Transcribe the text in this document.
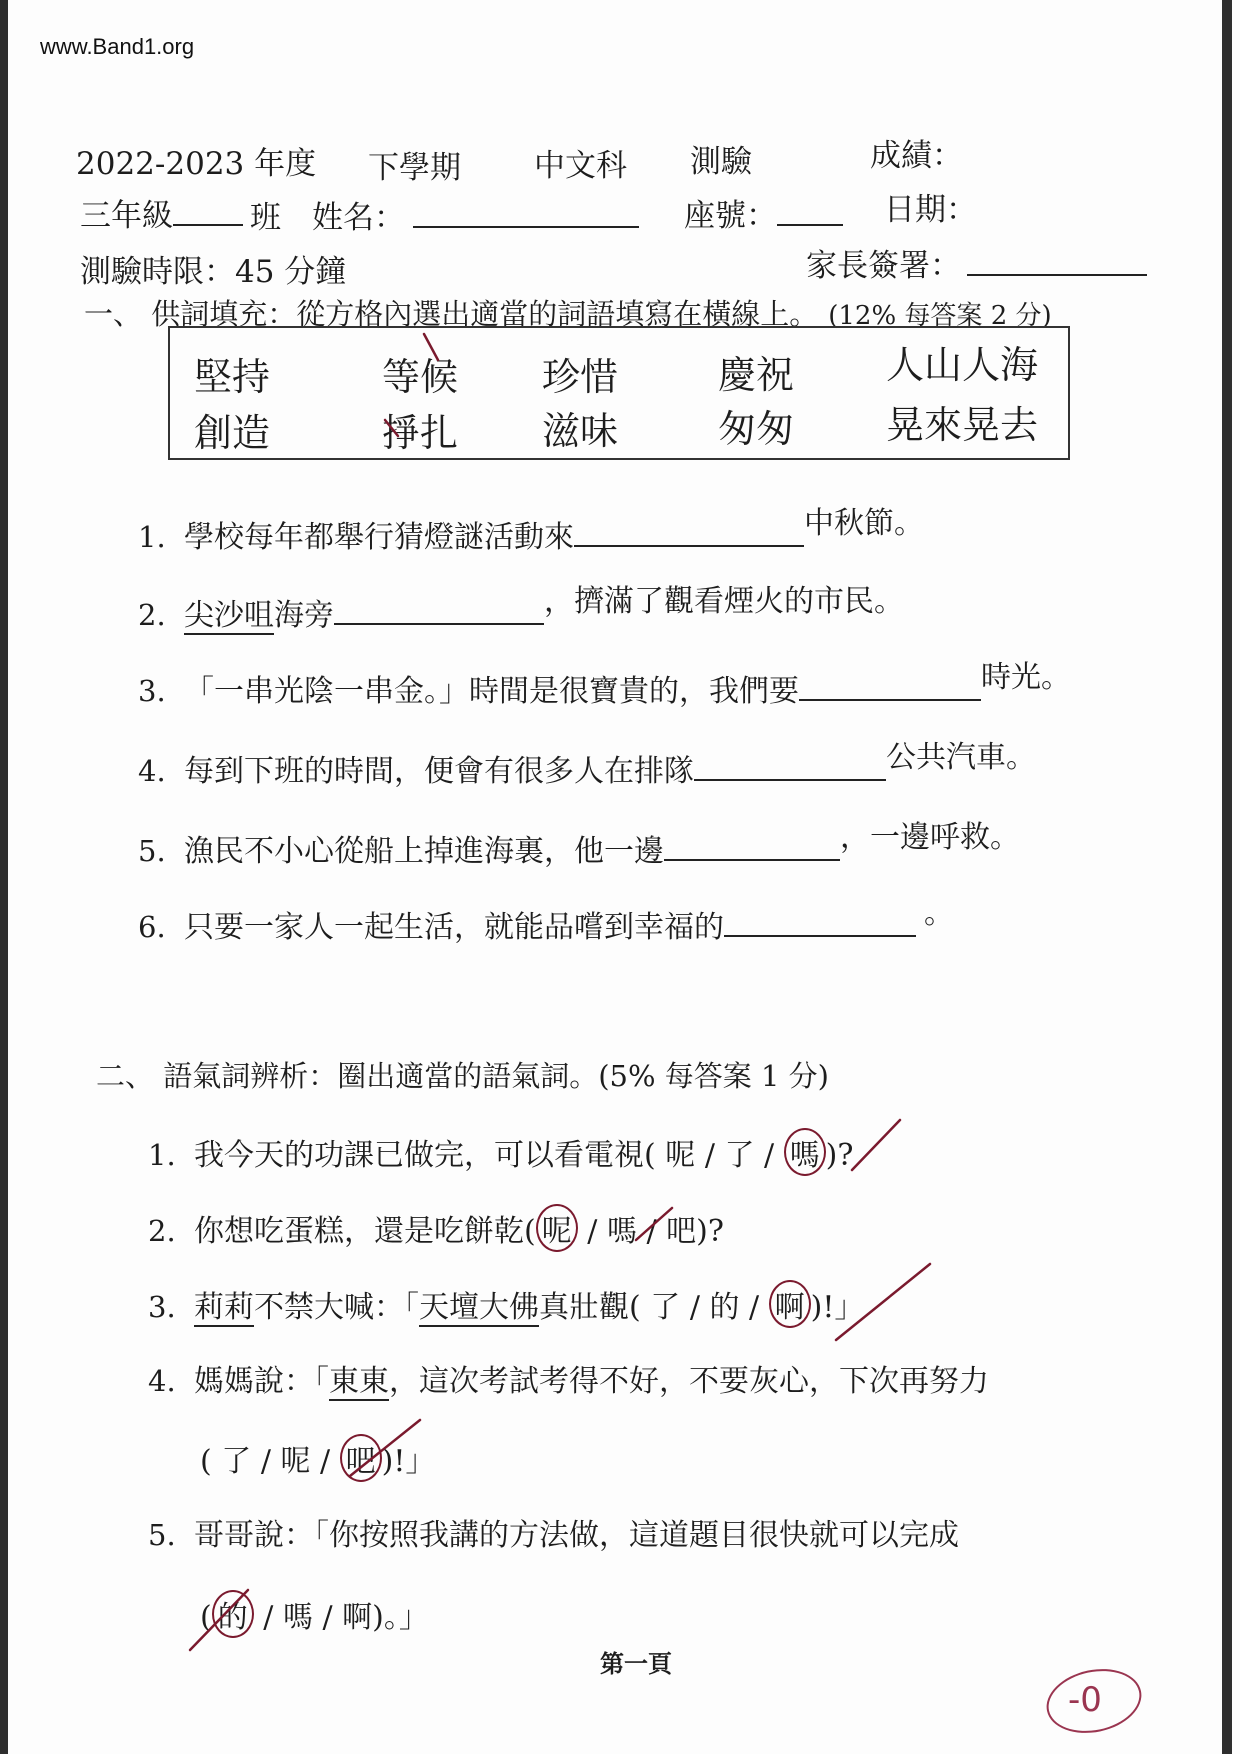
www.Band1.org
2022-2023 年度 下學期 中文科 測驗	成績：
三年級	班 姓名：	座號：	日期：
測驗時限：45 分鐘	家長簽署：
一、 供詞填充：從方格內選出適當的詞語填寫在橫線上。 (12% 每答案 2 分)
堅持	等候 珍惜	慶祝 人山人海
創造	掙扎 滋味	匆匆 晃來晃去
1. 學校每年都舉行猜燈謎活動來	中秋節。
2. 尖沙咀海旁	，擠滿了觀看煙火的市民。
3. 「一串光陰一串金。」時間是很寶貴的，我們要	時光。
4. 每到下班的時間，便會有很多人在排隊	公共汽車。
5. 漁民不小心從船上掉進海裏，他一邊	，一邊呼救。
6. 只要一家人一起生活，就能品嚐到幸福的	。
二、 語氣詞辨析：圈出適當的語氣詞。(5% 每答案 1 分)
1. 我今天的功課已做完，可以看電視( 呢 / 了 / 嗎 )?
2. 你想吃蛋糕，還是吃餅乾( 呢 / 嗎 / 吧)?
3. 莉莉不禁大喊：「天壇大佛真壯觀( 了 / 的 / 啊 )!」
4. 媽媽說：「東東，這次考試考得不好，不要灰心，下次再努力
( 了 / 呢 / 吧 )!」
5. 哥哥說：「你按照我講的方法做，這道題目很快就可以完成
( 的 / 嗎 / 啊)。」
第一頁
-0
